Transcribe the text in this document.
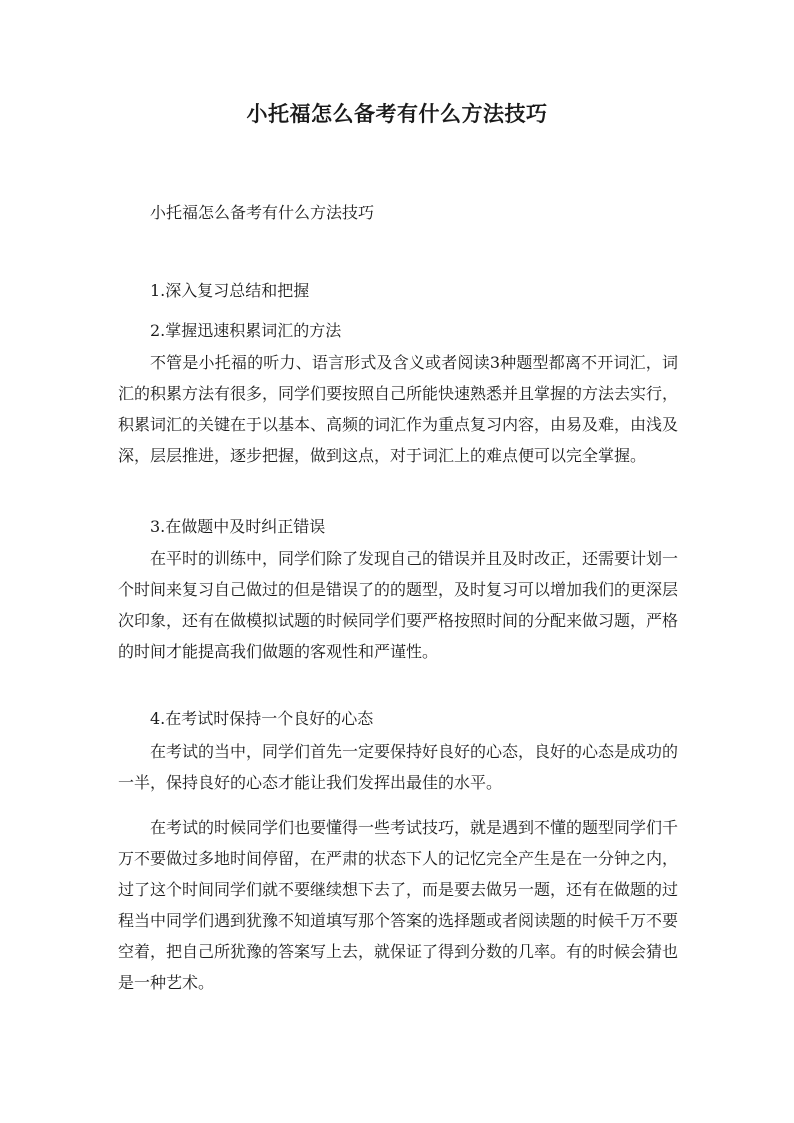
小托福怎么备考有什么方法技巧

小托福怎么备考有什么方法技巧

1.深入复习总结和把握

2.掌握迅速积累词汇的方法

不管是小托福的听力、语言形式及含义或者阅读3种题型都离不开词汇，词汇的积累方法有很多，同学们要按照自己所能快速熟悉并且掌握的方法去实行，积累词汇的关键在于以基本、高频的词汇作为重点复习内容，由易及难，由浅及深，层层推进，逐步把握，做到这点，对于词汇上的难点便可以完全掌握。

3.在做题中及时纠正错误

在平时的训练中，同学们除了发现自己的错误并且及时改正，还需要计划一个时间来复习自己做过的但是错误了的的题型，及时复习可以增加我们的更深层次印象，还有在做模拟试题的时候同学们要严格按照时间的分配来做习题，严格的时间才能提高我们做题的客观性和严谨性。

4.在考试时保持一个良好的心态

在考试的当中，同学们首先一定要保持好良好的心态，良好的心态是成功的一半，保持良好的心态才能让我们发挥出最佳的水平。

在考试的时候同学们也要懂得一些考试技巧，就是遇到不懂的题型同学们千万不要做过多地时间停留，在严肃的状态下人的记忆完全产生是在一分钟之内，过了这个时间同学们就不要继续想下去了，而是要去做另一题，还有在做题的过程当中同学们遇到犹豫不知道填写那个答案的选择题或者阅读题的时候千万不要空着，把自己所犹豫的答案写上去，就保证了得到分数的几率。有的时候会猜也是一种艺术。
